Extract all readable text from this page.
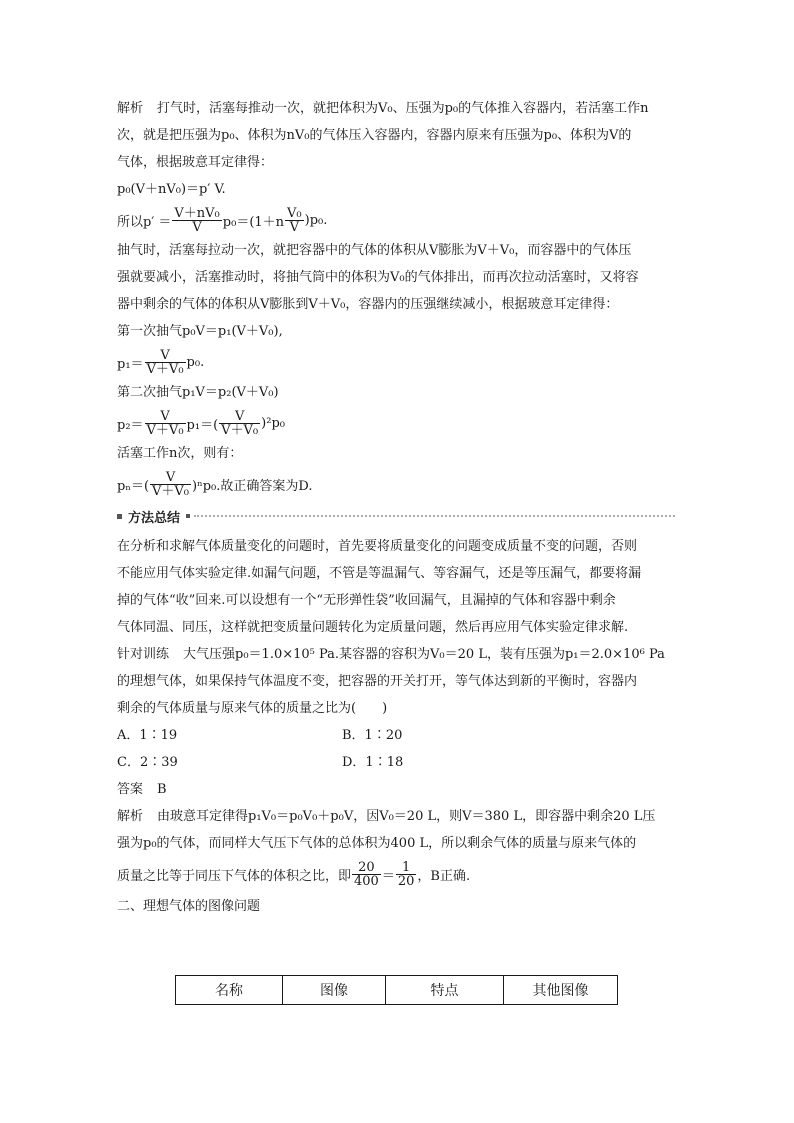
解析 打气时，活塞每推动一次，就把体积为V₀、压强为p₀的气体推入容器内，若活塞工作n
次，就是把压强为p₀、体积为nV₀的气体压入容器内，容器内原来有压强为p₀、体积为V的
气体，根据玻意耳定律得：
p₀(V＋nV₀)＝p′ V.
所以$p' = \frac{\text{V＋nV₀}}{V} p_0=(1+n \frac{\text{V₀}}{V} )p_0$.
抽气时，活塞每拉动一次，就把容器中的气体的体积从V膨胀为V＋V₀，而容器中的气体压
强就要减小，活塞推动时，将抽气筒中的体积为V₀的气体排出，而再次拉动活塞时，又将容
器中剩余的气体的体积从V膨胀到V＋V₀，容器内的压强继续减小，根据玻意耳定律得：
第一次抽气p₀V＝p₁(V＋V₀),
$p_1= \frac{V}{\text{V＋V₀}} p_0$.
第二次抽气p₁V＝p₂(V＋V₀)
$p_2= \frac{V}{\text{V＋V₀}} p_1=( \frac{V}{\text{V＋V₀}} )^2p_0$
活塞工作n次，则有：
$p_n=( \frac{V}{\text{V＋V₀}} )^np_0$.故正确答案为D.
方法总结
在分析和求解气体质量变化的问题时，首先要将质量变化的问题变成质量不变的问题，否则
不能应用气体实验定律.如漏气问题，不管是等温漏气、等容漏气，还是等压漏气，都要将漏
掉的气体“收”回来.可以设想有一个“无形弹性袋”收回漏气，且漏掉的气体和容器中剩余
气体同温、同压，这样就把变质量问题转化为定质量问题，然后再应用气体实验定律求解.
针对训练 大气压强p₀＝1.0×10⁵ Pa.某容器的容积为V₀＝20 L，装有压强为p₁＝2.0×10⁶ Pa
的理想气体，如果保持气体温度不变，把容器的开关打开，等气体达到新的平衡时，容器内
剩余的气体质量与原来气体的质量之比为(　　)
A．1∶19	B．1∶20
C．2∶39	D．1∶18
答案 B
解析 由玻意耳定律得p₁V₀＝p₀V₀＋p₀V，因V₀＝20 L，则V＝380 L，即容器中剩余20 L压
强为p₀的气体，而同样大气压下气体的总体积为400 L，所以剩余气体的质量与原来气体的
质量之比等于同压下气体的体积之比，即 $\frac{20}{400} = \frac{1}{20}$ ，B正确.
二、理想气体的图像问题
名称	图像	特点	其他图像
